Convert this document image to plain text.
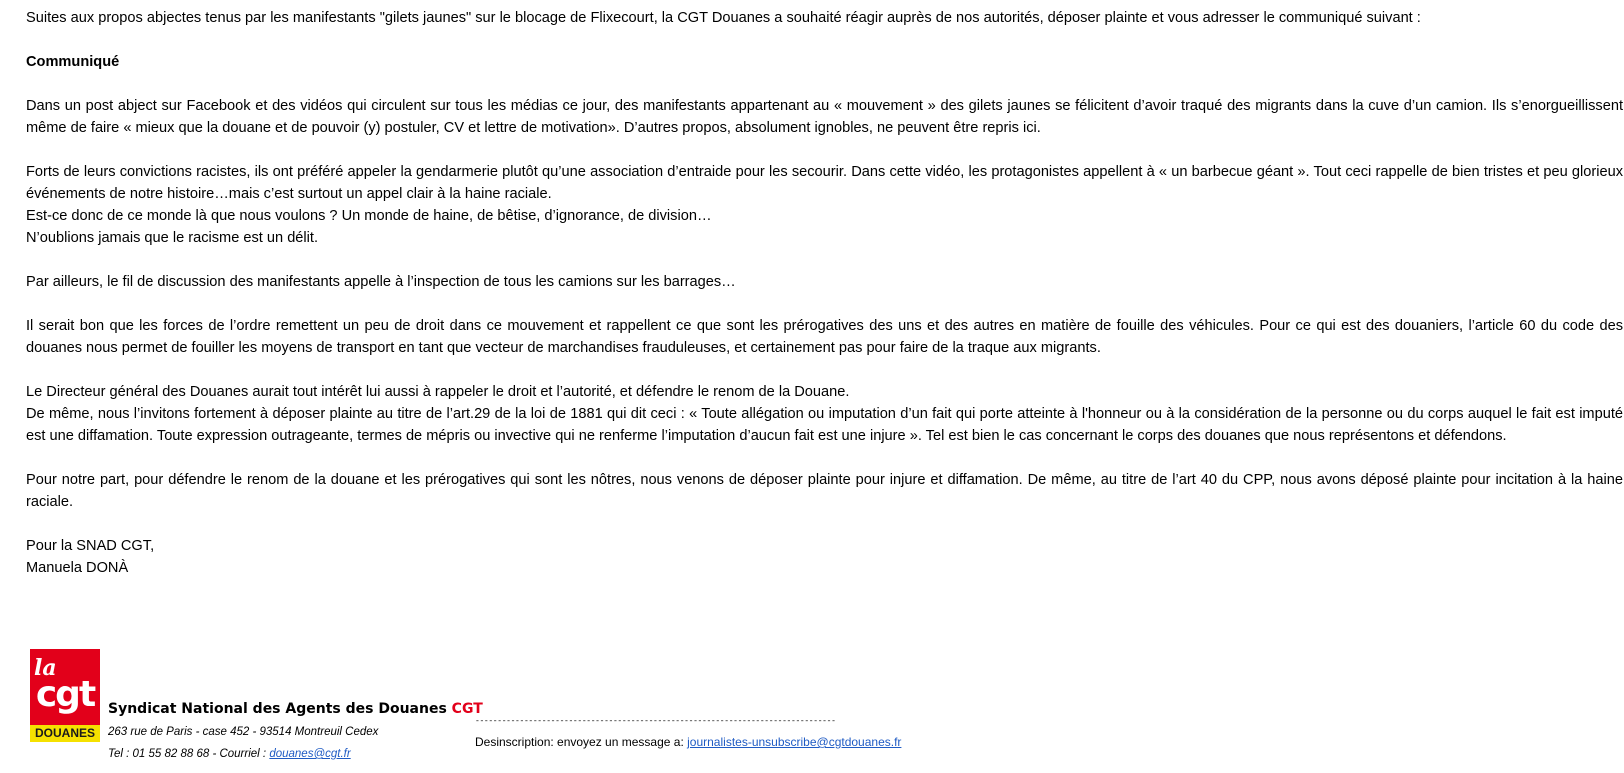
Suites aux propos abjectes tenus par les manifestants "gilets jaunes" sur le blocage de Flixecourt, la CGT Douanes a souhaité réagir auprès de nos autorités, déposer plainte et vous adresser le communiqué suivant :

Communiqué

Dans un post abject sur Facebook et des vidéos qui circulent sur tous les médias ce jour, des manifestants appartenant au « mouvement » des gilets jaunes se félicitent d’avoir traqué des migrants dans la cuve d’un camion. Ils s’enorgueillissent même de faire « mieux que la douane et de pouvoir (y) postuler, CV et lettre de motivation». D’autres propos, absolument ignobles, ne peuvent être repris ici.

Forts de leurs convictions racistes, ils ont préféré appeler la gendarmerie plutôt qu’une association d’entraide pour les secourir. Dans cette vidéo, les protagonistes appellent à « un barbecue géant ». Tout ceci rappelle de bien tristes et peu glorieux événements de notre histoire…mais c’est surtout un appel clair à la haine raciale.

Est-ce donc de ce monde là que nous voulons ? Un monde de haine, de bêtise, d’ignorance, de division…

N’oublions jamais que le racisme est un délit.

Par ailleurs, le fil de discussion des manifestants appelle à l’inspection de tous les camions sur les barrages…

Il serait bon que les forces de l’ordre remettent un peu de droit dans ce mouvement et rappellent ce que sont les prérogatives des uns et des autres en matière de fouille des véhicules. Pour ce qui est des douaniers, l’article 60 du code des douanes nous permet de fouiller les moyens de transport en tant que vecteur de marchandises frauduleuses, et certainement pas pour faire de la traque aux migrants.

Le Directeur général des Douanes aurait tout intérêt lui aussi à rappeler le droit et l’autorité, et défendre le renom de la Douane.

De même, nous l’invitons fortement à déposer plainte au titre de l’art.29 de la loi de 1881 qui dit ceci : « Toute allégation ou imputation d’un fait qui porte atteinte à l'honneur ou à la considération de la personne ou du corps auquel le fait est imputé est une diffamation. Toute expression outrageante, termes de mépris ou invective qui ne renferme l’imputation d’aucun fait est une injure ». Tel est bien le cas concernant le corps des douanes que nous représentons et défendons.

Pour notre part, pour défendre le renom de la douane et les prérogatives qui sont les nôtres, nous venons de déposer plainte pour injure et diffamation. De même, au titre de l’art 40 du CPP, nous avons déposé plainte pour incitation à la haine raciale.

Pour la SNAD CGT,

Manuela DONÀ

la
cgt
DOUANES
Syndicat National des Agents des Douanes CGT
263 rue de Paris - case 452 - 93514 Montreuil Cedex
Tel : 01 55 82 88 68 - Courriel : douanes@cgt.fr
---------------------------------------------------------------------------------
Desinscription: envoyez un message a: journalistes-unsubscribe@cgtdouanes.fr
